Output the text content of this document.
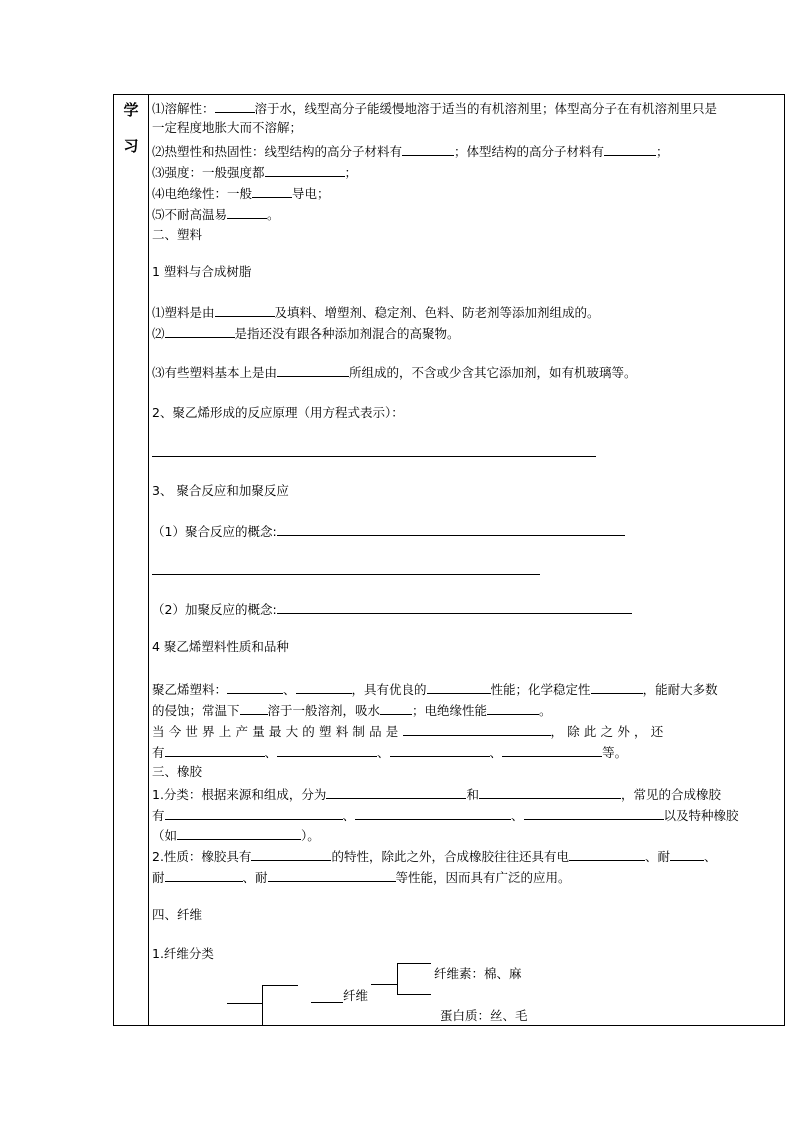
学
习
⑴溶解性：	溶于水，线型高分子能缓慢地溶于适当的有机溶剂里；体型高分子在有机溶剂里只是
一定程度地胀大而不溶解；
⑵热塑性和热固性：线型结构的高分子材料有	；体型结构的高分子材料有	；
⑶强度：一般强度都	；
⑷电绝缘性：一般	导电；
⑸不耐高温易	。
二、塑料
1 塑料与合成树脂
⑴塑料是由	及填料、增塑剂、稳定剂、色料、防老剂等添加剂组成的。
⑵	是指还没有跟各种添加剂混合的高聚物。
⑶有些塑料基本上是由	所组成的，不含或少含其它添加剂，如有机玻璃等。
2、聚乙烯形成的反应原理（用方程式表示）：
3、 聚合反应和加聚反应
（1）聚合反应的概念:
（2）加聚反应的概念:
4 聚乙烯塑料性质和品种
聚乙烯塑料：	、	，具有优良的	性能；化学稳定性	，能耐大多数
的侵蚀；常温下 溶于一般溶剂，吸水	；电绝缘性能	。
当今世界上产量最大的塑料制品是	，除此之外，还
有	、	、	、	等。
三、橡胶
1.分类：根据来源和组成，分为	和	，常见的合成橡胶
有	、	、	以及特种橡胶
（如	）。
2.性质：橡胶具有	的特性，除此之外，合成橡胶往往还具有电	、耐	、
耐	、耐	等性能，因而具有广泛的应用。
四、纤维
1.纤维分类
纤维
纤维素：棉、麻
蛋白质：丝、毛
